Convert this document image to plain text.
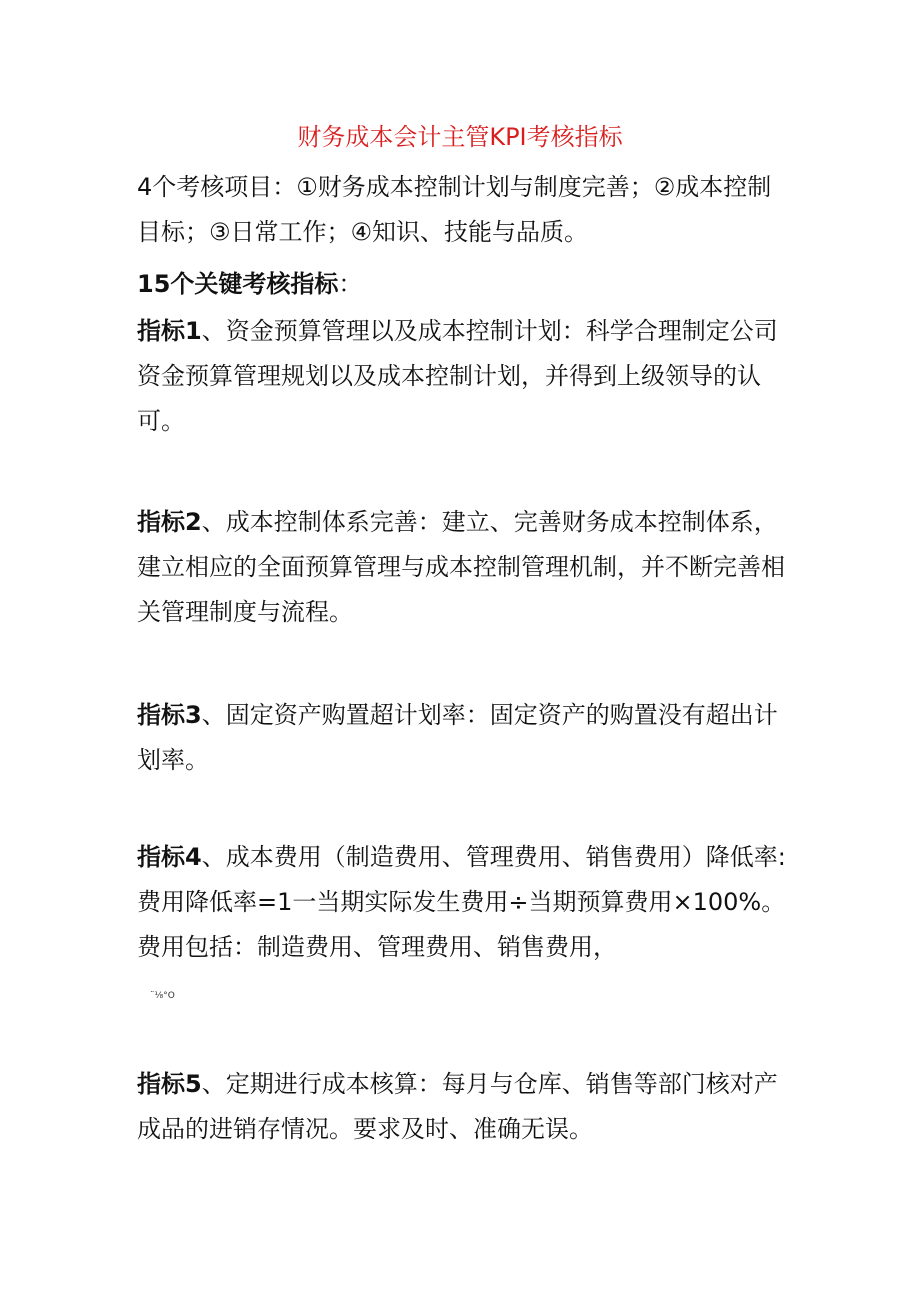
财务成本会计主管KPI考核指标

4个考核项目：①财务成本控制计划与制度完善；②成本控制目标；③日常工作；④知识、技能与品质。

15个关键考核指标：

指标1、资金预算管理以及成本控制计划：科学合理制定公司资金预算管理规划以及成本控制计划，并得到上级领导的认可。

指标2、成本控制体系完善：建立、完善财务成本控制体系，建立相应的全面预算管理与成本控制管理机制，并不断完善相关管理制度与流程。

指标3、固定资产购置超计划率：固定资产的购置没有超出计划率。

指标4、成本费用（制造费用、管理费用、销售费用）降低率:费用降低率=1一当期实际发生费用÷当期预算费用×100%。费用包括：制造费用、管理费用、销售费用，

¨⅛°O

指标5、定期进行成本核算：每月与仓库、销售等部门核对产成品的进销存情况。要求及时、准确无误。
